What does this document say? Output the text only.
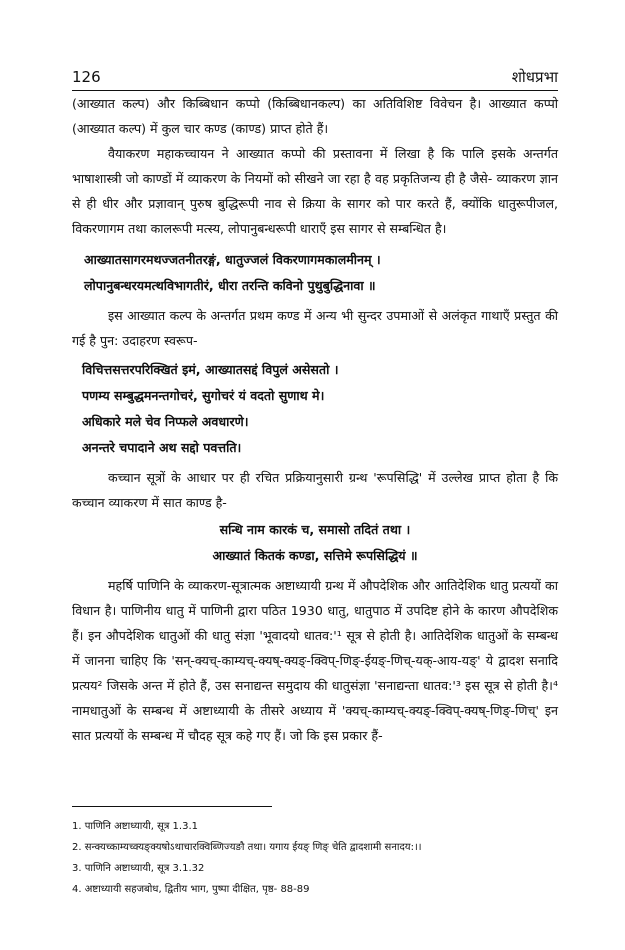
126	शोधप्रभा

(आख्यात कल्प) और किब्बिधान कप्पो (किब्बिधानकल्प) का अतिविशिष्ट विवेचन है। आख्यात कप्पो (आख्यात कल्प) में कुल चार कण्ड (काण्ड) प्राप्त होते हैं।

वैयाकरण महाकच्चायन ने आख्यात कप्पो की प्रस्तावना में लिखा है कि पालि इसके अन्तर्गत भाषाशास्त्री जो काण्डों में व्याकरण के नियमों को सीखने जा रहा है वह प्रकृतिजन्य ही है जैसे- व्याकरण ज्ञान से ही धीर और प्रज्ञावान् पुरुष बुद्धिरूपी नाव से क्रिया के सागर को पार करते हैं, क्योंकि धातुरूपीजल, विकरणागम तथा कालरूपी मत्स्य, लोपानुबन्धरूपी धाराएँ इस सागर से सम्बन्धित है।

आख्यातसागरमथज्जतनीतरङ्गं, धातुज्जलं विकरणागमकालमीनम् ।
लोपानुबन्धरयमत्थविभागतीरं, धीरा तरन्ति कविनो पुथुबुद्धिनावा ॥

इस आख्यात कल्प के अन्तर्गत प्रथम कण्ड में अन्य भी सुन्दर उपमाओं से अलंकृत गाथाएँ प्रस्तुत की गई है पुन: उदाहरण स्वरूप-

विचित्तसत्तरपरिक्खितं इमं, आख्यातसद्दं विपुलं असेसतो ।
पणम्य सम्बुद्धमनन्तगोचरं, सुगोचरं यं वदतो सुणाथ मे।
अधिकारे मले चेव निप्फले अवधारणे।
अनन्तरे चपादाने अथ सद्दो पवत्तति।

कच्चान सूत्रों के आधार पर ही रचित प्रक्रियानुसारी ग्रन्थ 'रूपसिद्धि' में उल्लेख प्राप्त होता है कि कच्चान व्याकरण में सात काण्ड है-

सन्धि नाम कारकं च, समासो तदितं तथा ।
आख्यातं कितकं कण्डा, सत्तिमे रूपसिद्धियं ॥

महर्षि पाणिनि के व्याकरण-सूत्रात्मक अष्टाध्यायी ग्रन्थ में औपदेशिक और आतिदेशिक धातु प्रत्ययों का विधान है। पाणिनीय धातु में पाणिनी द्वारा पठित 1930 धातु, धातुपाठ में उपदिष्ट होने के कारण औपदेशिक हैं। इन औपदेशिक धातुओं की धातु संज्ञा 'भूवादयो धातव:'¹ सूत्र से होती है। आतिदेशिक धातुओं के सम्बन्ध में जानना चाहिए कि 'सन्-क्यच्-काम्यच्-क्यष्-क्यङ्-क्विप्-णिङ्-ईयङ्-णिच्-यक्-आय-यङ्' ये द्वादश सनादि प्रत्यय² जिसके अन्त में होते हैं, उस सनाद्यन्त समुदाय की धातुसंज्ञा 'सनाद्यन्ता धातव:'³ इस सूत्र से होती है।⁴ नामधातुओं के सम्बन्ध में अष्टाध्यायी के तीसरे अध्याय में 'क्यच्-काम्यच्-क्यङ्-क्विप्-क्यष्-णिङ्-णिच्' इन सात प्रत्ययों के सम्बन्ध में चौदह सूत्र कहे गए हैं। जो कि इस प्रकार हैं-

1. पाणिनि अष्टाध्यायी, सूत्र 1.3.1
2. सन्क्यच्काम्यच्क्यङ्क्यषोऽथाचारक्विब्णिज्यङौ तथा। यगाय ईयङ् णिङ् चेति द्वादशामी सनादय:।।
3. पाणिनि अष्टाध्यायी, सूत्र 3.1.32
4. अष्टाध्यायी सहजबोध, द्वितीय भाग, पुष्पा दीक्षित, पृष्ठ- 88-89
